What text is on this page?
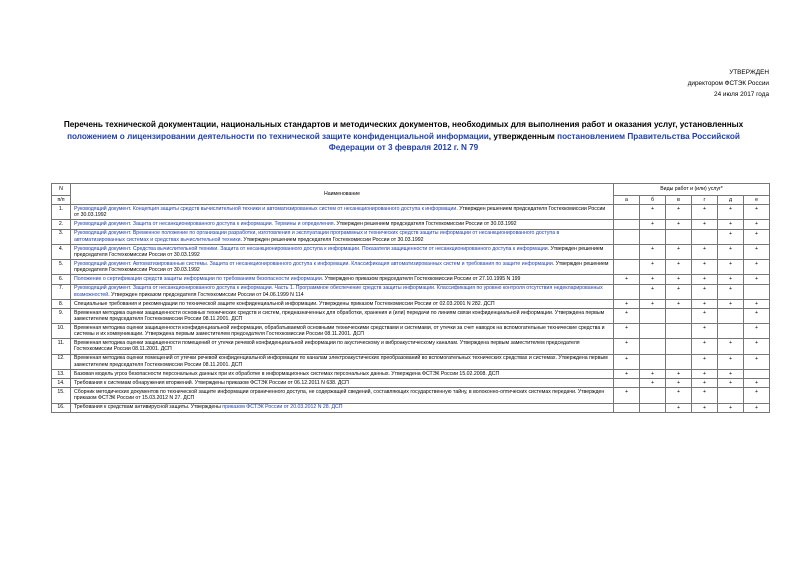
УТВЕРЖДЕН
директором ФСТЭК России
24 июля 2017 года
Перечень технической документации, национальных стандартов и методических документов, необходимых для выполнения работ и оказания услуг, установленных положением о лицензировании деятельности по технической защите конфиденциальной информации, утвержденным постановлением Правительства Российской Федерации от 3 февраля 2012 г. N 79
N	Наименование	Виды работ и (или) услуг*					
п/п		а	б	в	г	д	е
1.	Руководящий документ. Концепция защиты средств вычислительной техники и автоматизированных систем от несанкционированного доступа к информации. Утвержден решением председателя Гостехкомиссии России от 30.03.1992		+	+	+	+	+
2.	Руководящий документ. Защита от несанкционированного доступа к информации. Термины и определения. Утвержден решением председателя Гостехкомиссии России от 30.03.1992		+	+	+	+	+
3.	Руководящий документ. Временное положение по организации разработки, изготовления и эксплуатации программных и технических средств защиты информации от несанкционированного доступа в автоматизированных системах и средствах вычислительной техники. Утвержден решением председателя Гостехкомиссии России от 30.03.1992					+	+
4.	Руководящий документ. Средства вычислительной техники. Защита от несанкционированного доступа к информации. Показатели защищенности от несанкционированного доступа к информации. Утвержден решением председателя Гостехкомиссии России от 30.03.1992		+	+	+	+	+
5.	Руководящий документ. Автоматизированные системы. Защита от несанкционированного доступа к информации. Классификация автоматизированных систем и требования по защите информации. Утвержден решением председателя Гостехкомиссии России от 30.03.1992		+	+	+	+	+
6.	Положение о сертификации средств защиты информации по требованиям безопасности информации. Утверждено приказом председателя Гостехкомиссии России от 27.10.1995 N 199	+	+	+	+	+	+
7.	Руководящий документ. Защита от несанкционированного доступа к информации. Часть 1. Программное обеспечение средств защиты информации. Классификация по уровню контроля отсутствия недекларированных возможностей. Утвержден приказом председателя Гостехкомиссии России от 04.06.1999 N 114		+	+	+	+	
8.	Специальные требования и рекомендации по технической защите конфиденциальной информации. Утверждены приказом Гостехкомиссии России от 02.03.2001 N 282. ДСП	+	+	+	+	+	+
9.	Временная методика оценки защищенности основных технических средств и систем, предназначенных для обработки, хранения и (или) передачи по линиям связи конфиденциальной информации. Утверждена первым заместителем председателя Гостехкомиссии России 08.11.2001. ДСП	+			+		+
10.	Временная методика оценки защищенности конфиденциальной информации, обрабатываемой основными техническими средствами и системами, от утечки за счет наводок на вспомогательные технические средства и системы и их коммуникации. Утверждена первым заместителем председателя Гостехкомиссии России 08.11.2001. ДСП	+			+		+
11.	Временная методика оценки защищенности помещений от утечки речевой конфиденциальной информации по акустическому и виброакустическому каналам. Утверждена первым заместителем председателя Гостехкомиссии России 08.11.2001. ДСП	+			+	+	+
12.	Временная методика оценки помещений от утечки речевой конфиденциальной информации по каналам электроакустических преобразований во вспомогательных технических средствах и системах. Утверждена первым заместителем председателя Гостехкомиссии России 08.11.2001. ДСП	+			+	+	+
13.	Базовая модель угроз безопасности персональных данных при их обработке в информационных системах персональных данных. Утверждена ФСТЭК России 15.02.2008. ДСП	+	+	+	+	+	
14.	Требования к системам обнаружения вторжений. Утверждены приказом ФСТЭК России от 06.12.2011 N 638. ДСП		+	+	+	+	+
15.	Сборник методических документов по технической защите информации ограниченного доступа, не содержащей сведений, составляющих государственную тайну, в волоконно-оптических системах передачи. Утвержден приказом ФСТЭК России от 15.03.2012 N 27. ДСП	+		+	+		+
16.	Требования к средствам антивирусной защиты. Утверждены приказом ФСТЭК России от 20.03.2012 N 28. ДСП			+	+	+	+
